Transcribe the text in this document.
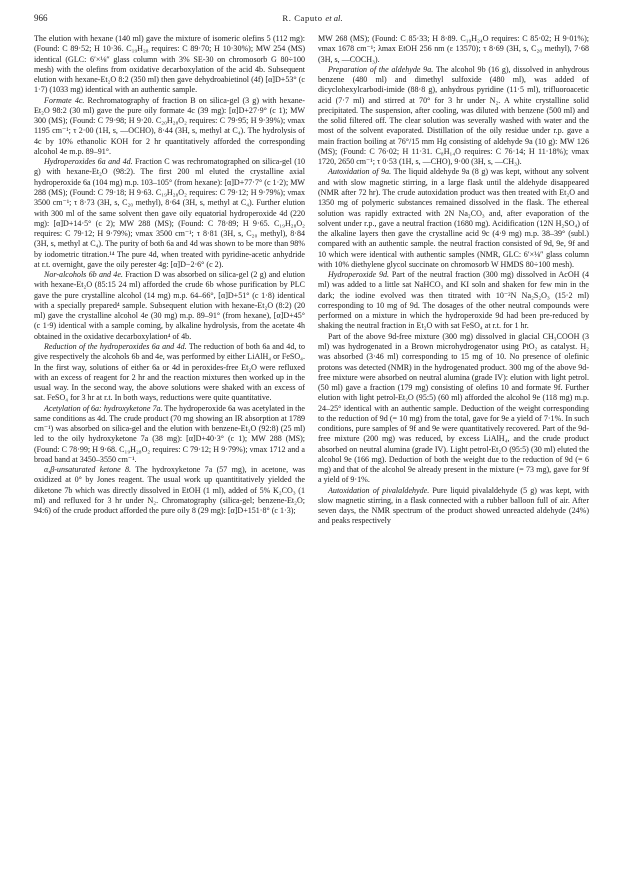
966	R. Caputo et al.

The elution with hexane (140 ml) gave the mixture of isomeric olefins 5 (112 mg): (Found: C 89·52; H 10·36. C₁₉H₂₈ requires: C 89·70; H 10·30%); MW 254 (MS) identical (GLC: 6′×⅛″ glass column with 3% SE-30 on chromosorb G 80÷100 mesh) with the olefins from oxidative decarboxylation of the acid 4b. Subsequent elution with hexane-Et₂O 8:2 (350 ml) then gave dehydroabietinol (4f) [α]D+53° (c 1·7) (1033 mg) identical with an authentic sample.

Formate 4c. Rechromatography of fraction B on silica-gel (3 g) with hexane-Et₂O 98:2 (30 ml) gave the pure oily formate 4c (39 mg): [α]D+27·9° (c 1); MW 300 (MS); (Found: C 79·98; H 9·20. C₂₀H₂₈O₂ requires: C 79·95; H 9·39%); νmax 1195 cm⁻¹; τ 2·00 (1H, s, —OCHO), 8·44 (3H, s, methyl at C₄). The hydrolysis of 4c by 10% ethanolic KOH for 2 hr quantitatively afforded the corresponding alcohol 4e m.p. 89–91°.

Hydroperoxides 6a and 4d. Fraction C was rechromatographed on silica-gel (10 g) with hexane-Et₂O (98:2). The first 200 ml eluted the crystalline axial hydroperoxide 6a (104 mg) m.p. 103–105° (from hexane): [α]D+77·7° (c 1·2); MW 288 (MS); (Found: C 79·18; H 9·63. C₁₉H₂₈O₂ requires: C 79·12; H 9·79%); νmax 3500 cm⁻¹; τ 8·73 (3H, s, C₂₀ methyl), 8·64 (3H, s, methyl at C₄). Further elution with 300 ml of the same solvent then gave oily equatorial hydroperoxide 4d (220 mg): [α]D+14·5° (c 2); MW 288 (MS); (Found: C 78·89; H 9·65. C₁₉H₂₈O₂ requires: C 79·12; H 9·79%); νmax 3500 cm⁻¹; τ 8·81 (3H, s, C₂₀ methyl), 8·84 (3H, s, methyl at C₄). The purity of both 6a and 4d was shown to be more than 98% by iodometric titration.¹⁴ The pure 4d, when treated with pyridine-acetic anhydride at r.t. overnight, gave the oily perester 4g: [α]D−2·6° (c 2).

Nor-alcohols 6b and 4e. Fraction D was absorbed on silica-gel (2 g) and elution with hexane-Et₂O (85:15 24 ml) afforded the crude 6b whose purification by PLC gave the pure crystalline alcohol (14 mg) m.p. 64–66°, [α]D+51° (c 1·8) identical with a specially prepared⁴ sample. Subsequent elution with hexane-Et₂O (8:2) (20 ml) gave the crystalline alcohol 4e (30 mg) m.p. 89–91° (from hexane), [α]D+45° (c 1·9) identical with a sample coming, by alkaline hydrolysis, from the acetate 4h obtained in the oxidative decarboxylation⁴ of 4b.

Reduction of the hydroperoxides 6a and 4d. The reduction of both 6a and 4d, to give respectively the alcohols 6b and 4e, was performed by either LiAlH₄ or FeSO₄. In the first way, solutions of either 6a or 4d in peroxides-free Et₂O were refluxed with an excess of reagent for 2 hr and the reaction mixtures then worked up in the usual way. In the second way, the above solutions were shaked with an excess of sat. FeSO₄ for 3 hr at r.t. In both ways, reductions were quite quantitative.

Acetylation of 6a: hydroxyketone 7a. The hydroperoxide 6a was acetylated in the same conditions as 4d. The crude product (70 mg showing an IR absorption at 1789 cm⁻¹) was absorbed on silica-gel and the elution with benzene-Et₂O (92:8) (25 ml) led to the oily hydroxyketone 7a (38 mg): [α]D+40·3° (c 1); MW 288 (MS); (Found: C 78·99; H 9·68. C₁₉H₂₈O₂ requires: C 79·12; H 9·79%); νmax 1712 and a broad band at 3450–3550 cm⁻¹.

α,β-unsaturated ketone 8. The hydroxyketone 7a (57 mg), in acetone, was oxidized at 0° by Jones reagent. The usual work up quantititatively yielded the diketone 7b which was directly dissolved in EtOH (1 ml), added of 5% K₂CO₃ (1 ml) and refluxed for 3 hr under N₂. Chromatography (silica-gel; benzene-Et₂O; 94:6) of the crude product afforded the pure oily 8 (29 mg): [α]D+151·8° (c 1·3);

MW 268 (MS); (Found: C 85·33; H 8·89. C₁₉H₂₄O requires: C 85·02; H 9·01%); νmax 1678 cm⁻¹; λmax EtOH 256 nm (ε 13570); τ 8·69 (3H, s, C₂₀ methyl), 7·68 (3H, s, —COCH₃).

Preparation of the aldehyde 9a. The alcohol 9b (16 g), dissolved in anhydrous benzene (480 ml) and dimethyl sulfoxide (480 ml), was added of dicyclohexylcarbodi-imide (88·8 g), anhydrous pyridine (11·5 ml), trifluoroacetic acid (7·7 ml) and stirred at 70° for 3 hr under N₂. A white crystalline solid precipitated. The suspension, after cooling, was diluted with benzene (500 ml) and the solid filtered off. The clear solution was severally washed with water and the most of the solvent evaporated. Distillation of the oily residue under r.p. gave a main fraction boiling at 76°/15 mm Hg consisting of aldehyde 9a (10 g): MW 126 (MS); (Found: C 76·02; H 11·31. C₈H₁₄O requires: C 76·14; H 11·18%); νmax 1720, 2650 cm⁻¹; τ 0·53 (1H, s, —CHO), 9·00 (3H, s, —CH₃).

Autoxidation of 9a. The liquid aldehyde 9a (8 g) was kept, without any solvent and with slow magnetic stirring, in a large flask until the aldehyde disappeared (NMR after 72 hr). The crude autoxidation product was then treated with Et₂O and 1350 mg of polymeric substances remained dissolved in the flask. The ethereal solution was rapidly extracted with 2N Na₂CO₃ and, after evaporation of the solvent under r.p., gave a neutral fraction (1680 mg). Acidification (12N H₂SO₄) of the alkaline layers then gave the crystalline acid 9c (4·9 mg) m.p. 38–39° (subl.) compared with an authentic sample. the neutral fraction consisted of 9d, 9e, 9f and 10 which were identical with authentic samples (NMR, GLC: 6′×⅛″ glass column with 10% diethylene glycol succinate on chromosorb W HMDS 80÷100 mesh).

Hydroperoxide 9d. Part of the neutral fraction (300 mg) dissolved in AcOH (4 ml) was added to a little sat NaHCO₃ and KI soln and shaken for few min in the dark; the iodine evolved was then titrated with 10⁻²N Na₂S₂O₃ (15·2 ml) corresponding to 10 mg of 9d. The dosages of the other neutral compounds were performed on a mixture in which the hydroperoxide 9d had been pre-reduced by shaking the neutral fraction in Et₂O with sat FeSO₄ at r.t. for 1 hr.

Part of the above 9d-free mixture (300 mg) dissolved in glacial CH₃COOH (3 ml) was hydrogenated in a Brown microhydrogenator using PtO₂ as catalyst. H₂ was absorbed (3·46 ml) corresponding to 15 mg of 10. No presence of olefinic protons was detected (NMR) in the hydrogenated product. 300 mg of the above 9d-free mixture were absorbed on neutral alumina (grade IV): elution with light petrol. (50 ml) gave a fraction (179 mg) consisting of olefins 10 and formate 9f. Further elution with light petrol-Et₂O (95:5) (60 ml) afforded the alcohol 9e (118 mg) m.p. 24–25° identical with an authentic sample. Deduction of the weight corresponding to the reduction of 9d (= 10 mg) from the total, gave for 9e a yield of 7·1%. In such conditions, pure samples of 9f and 9e were quantitatively recovered. Part of the 9d-free mixture (200 mg) was reduced, by excess LiAlH₄, and the crude product absorbed on neutral alumina (grade IV). Light petrol-Et₂O (95:5) (30 ml) eluted the alcohol 9e (166 mg). Deduction of both the weight due to the reduction of 9d (= 6 mg) and that of the alcohol 9e already present in the mixture (= 73 mg), gave for 9f a yield of 9·1%.

Autoxidation of pivalaldehyde. Pure liquid pivalaldehyde (5 g) was kept, with slow magnetic stirring, in a flask connected with a rubber balloon full of air. After seven days, the NMR spectrum of the product showed unreacted aldehyde (24%) and peaks respectively
